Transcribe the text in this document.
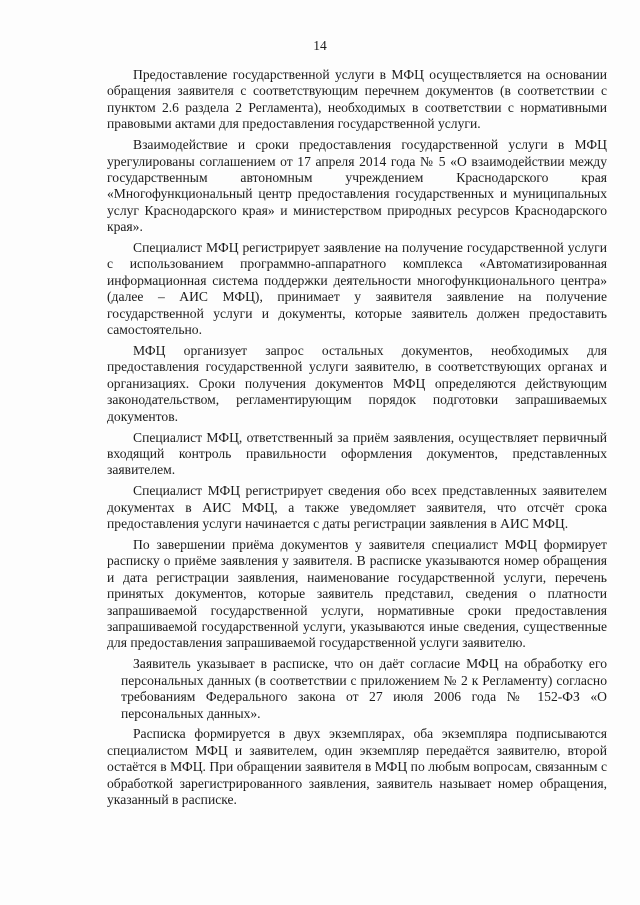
14

Предоставление государственной услуги в МФЦ осуществляется на основании обращения заявителя с соответствующим перечнем документов (в соответствии с пунктом 2.6 раздела 2 Регламента), необходимых в соответствии с нормативными правовыми актами для предоставления государственной услуги.

Взаимодействие и сроки предоставления государственной услуги в МФЦ урегулированы соглашением от 17 апреля 2014 года № 5 «О взаимодействии между государственным автономным учреждением Краснодарского края «Многофункциональный центр предоставления государственных и муниципальных услуг Краснодарского края» и министерством природных ресурсов Краснодарского края».

Специалист МФЦ регистрирует заявление на получение государственной услуги с использованием программно-аппаратного комплекса «Автоматизированная информационная система поддержки деятельности многофункционального центра» (далее – АИС МФЦ), принимает у заявителя заявление на получение государственной услуги и документы, которые заявитель должен предоставить самостоятельно.

МФЦ организует запрос остальных документов, необходимых для предоставления государственной услуги заявителю, в соответствующих органах и организациях. Сроки получения документов МФЦ определяются действующим законодательством, регламентирующим порядок подготовки запрашиваемых документов.

Специалист МФЦ, ответственный за приём заявления, осуществляет первичный входящий контроль правильности оформления документов, представленных заявителем.

Специалист МФЦ регистрирует сведения обо всех представленных заявителем документах в АИС МФЦ, а также уведомляет заявителя, что отсчёт срока предоставления услуги начинается с даты регистрации заявления в АИС МФЦ.

По завершении приёма документов у заявителя специалист МФЦ формирует расписку о приёме заявления у заявителя. В расписке указываются номер обращения и дата регистрации заявления, наименование государственной услуги, перечень принятых документов, которые заявитель представил, сведения о платности запрашиваемой государственной услуги, нормативные сроки предоставления запрашиваемой государственной услуги, указываются иные сведения, существенные для предоставления запрашиваемой государственной услуги заявителю.

Заявитель указывает в расписке, что он даёт согласие МФЦ на обработку его персональных данных (в соответствии с приложением № 2 к Регламенту) согласно требованиям Федерального закона от 27 июля 2006 года № 152-ФЗ «О персональных данных».

Расписка формируется в двух экземплярах, оба экземпляра подписываются специалистом МФЦ и заявителем, один экземпляр передаётся заявителю, второй остаётся в МФЦ. При обращении заявителя в МФЦ по любым вопросам, связанным с обработкой зарегистрированного заявления, заявитель называет номер обращения, указанный в расписке.
